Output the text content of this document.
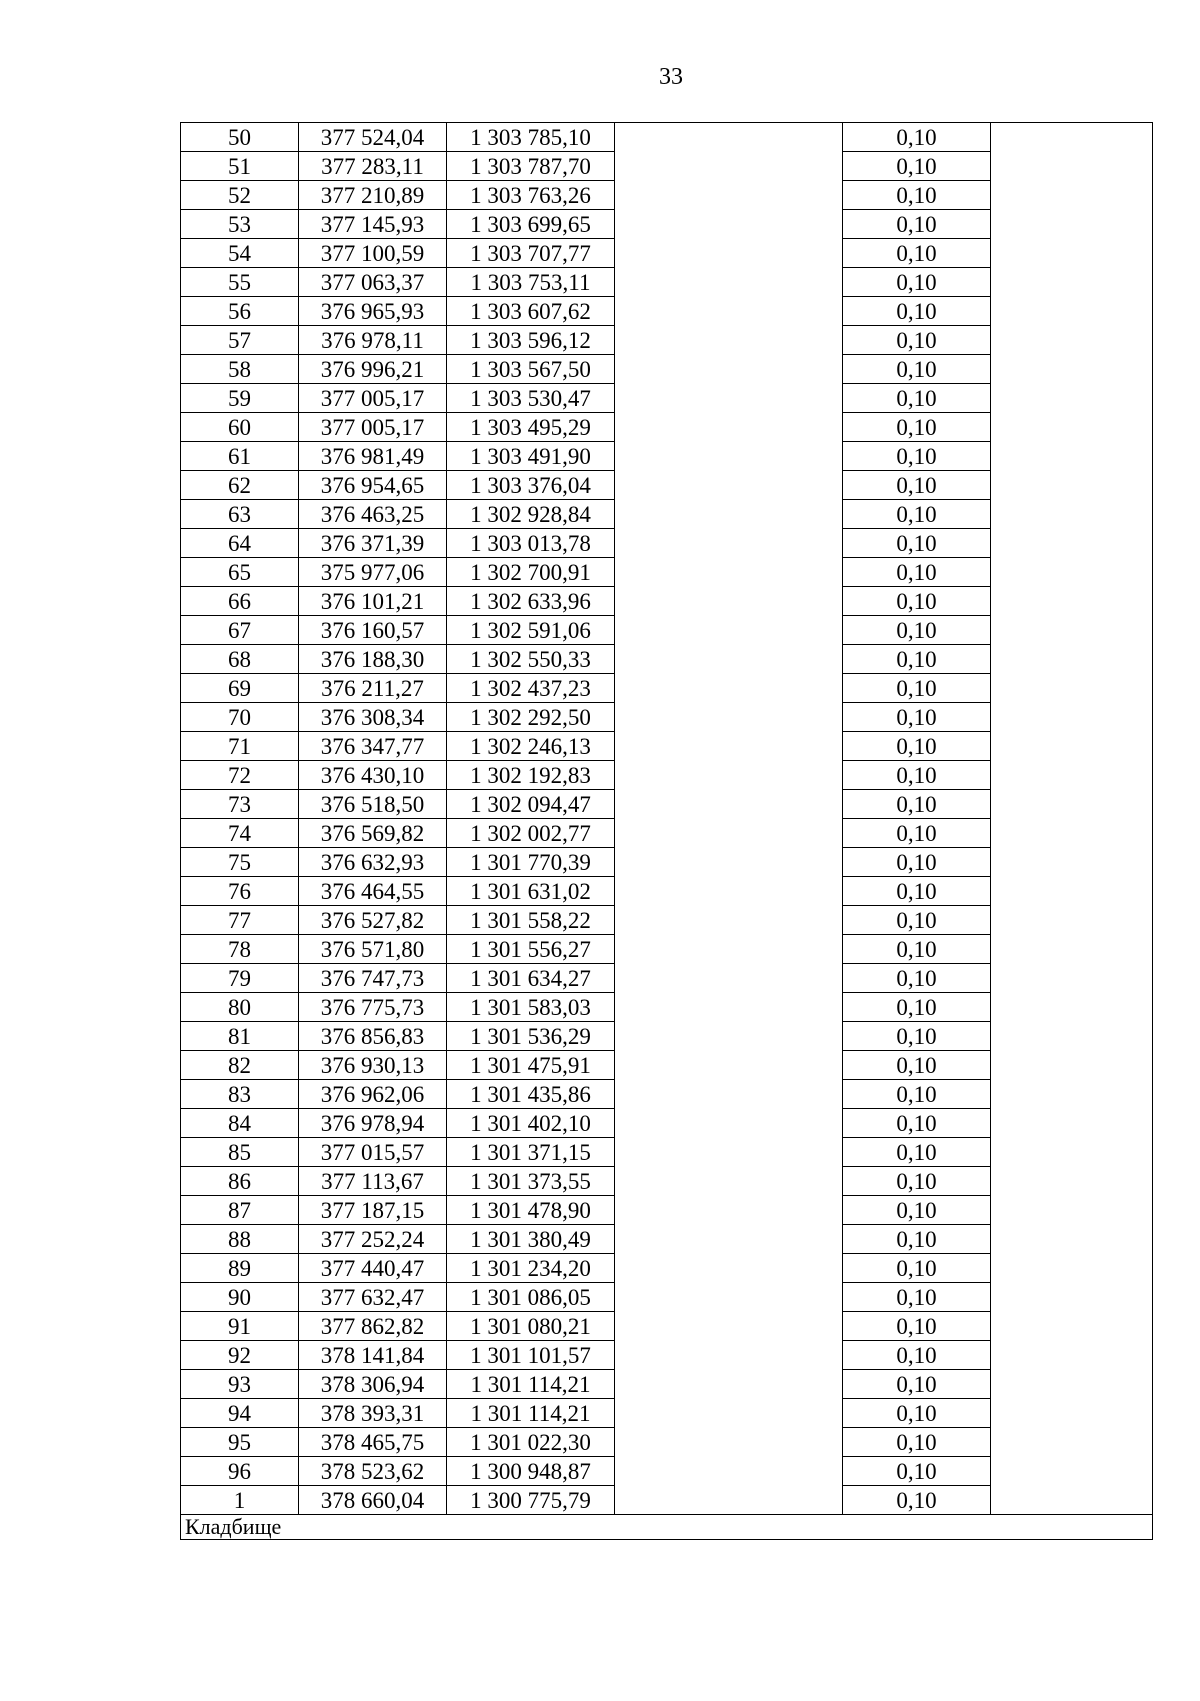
33
50	377 524,04	1 303 785,10		0,10	
51	377 283,11	1 303 787,70		0,10	
52	377 210,89	1 303 763,26		0,10	
53	377 145,93	1 303 699,65		0,10	
54	377 100,59	1 303 707,77		0,10	
55	377 063,37	1 303 753,11		0,10	
56	376 965,93	1 303 607,62		0,10	
57	376 978,11	1 303 596,12		0,10	
58	376 996,21	1 303 567,50		0,10	
59	377 005,17	1 303 530,47		0,10	
60	377 005,17	1 303 495,29		0,10	
61	376 981,49	1 303 491,90		0,10	
62	376 954,65	1 303 376,04		0,10	
63	376 463,25	1 302 928,84		0,10	
64	376 371,39	1 303 013,78		0,10	
65	375 977,06	1 302 700,91		0,10	
66	376 101,21	1 302 633,96		0,10	
67	376 160,57	1 302 591,06		0,10	
68	376 188,30	1 302 550,33		0,10	
69	376 211,27	1 302 437,23		0,10	
70	376 308,34	1 302 292,50		0,10	
71	376 347,77	1 302 246,13		0,10	
72	376 430,10	1 302 192,83		0,10	
73	376 518,50	1 302 094,47		0,10	
74	376 569,82	1 302 002,77		0,10	
75	376 632,93	1 301 770,39		0,10	
76	376 464,55	1 301 631,02		0,10	
77	376 527,82	1 301 558,22		0,10	
78	376 571,80	1 301 556,27		0,10	
79	376 747,73	1 301 634,27		0,10	
80	376 775,73	1 301 583,03		0,10	
81	376 856,83	1 301 536,29		0,10	
82	376 930,13	1 301 475,91		0,10	
83	376 962,06	1 301 435,86		0,10	
84	376 978,94	1 301 402,10		0,10	
85	377 015,57	1 301 371,15		0,10	
86	377 113,67	1 301 373,55		0,10	
87	377 187,15	1 301 478,90		0,10	
88	377 252,24	1 301 380,49		0,10	
89	377 440,47	1 301 234,20		0,10	
90	377 632,47	1 301 086,05		0,10	
91	377 862,82	1 301 080,21		0,10	
92	378 141,84	1 301 101,57		0,10	
93	378 306,94	1 301 114,21		0,10	
94	378 393,31	1 301 114,21		0,10	
95	378 465,75	1 301 022,30		0,10	
96	378 523,62	1 300 948,87		0,10	
1	378 660,04	1 300 775,79		0,10	
Кладбище					
